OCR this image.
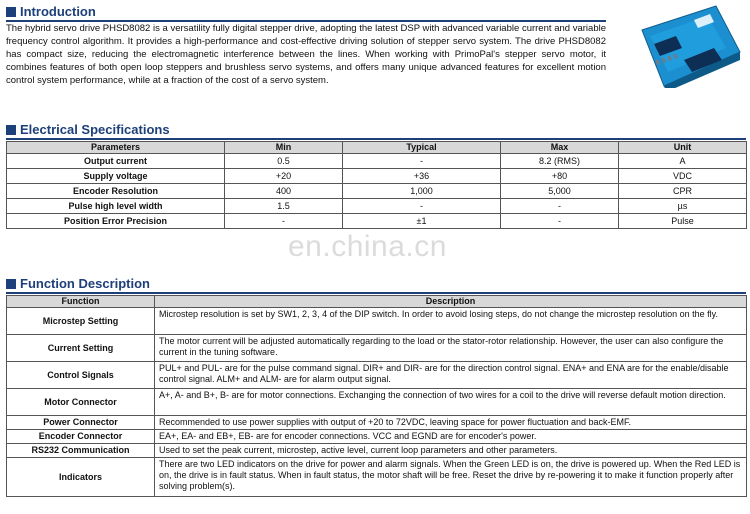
Introduction

The hybrid servo drive PHSD8082 is a versatility fully digital stepper drive, adopting the latest DSP with advanced variable current and variable frequency control algorithm. It provides a high-performance and cost-effective driving solution of stepper servo system. The drive PHSD8082 has compact size, reducing the electromagnetic interference between the lines. When working with PrimoPal's stepper servo motor, it combines features of both open loop steppers and brushless servo systems, and offers many unique advanced features for excellent motion control system performance, while at a fraction of the cost of a servo system.

Electrical Specifications
Parameters	Min	Typical	Max	Unit
Output current	0.5	-	8.2 (RMS)	A
Supply voltage	+20	+36	+80	VDC
Encoder Resolution	400	1,000	5,000	CPR
Pulse high level width	1.5	-	-	µs
Position Error Precision	-	±1	-	Pulse
en.china.cn
Function Description
Function	Description
Microstep Setting	Microstep resolution is set by SW1, 2, 3, 4 of the DIP switch. In order to avoid losing steps, do not change the microstep resolution on the fly.
Current Setting	The motor current will be adjusted automatically regarding to the load or the stator-rotor relationship. However, the user can also configure the current in the tuning software.
Control Signals	PUL+ and PUL- are for the pulse command signal. DIR+ and DIR- are for the direction control signal. ENA+ and ENA are for the enable/disable control signal. ALM+ and ALM- are for alarm output signal.
Motor Connector	A+, A- and B+, B- are for motor connections. Exchanging the connection of two wires for a coil to the drive will reverse default motion direction.
Power Connector	Recommended to use power supplies with output of +20 to 72VDC, leaving space for power fluctuation and back-EMF.
Encoder Connector	EA+, EA- and EB+, EB- are for encoder connections. VCC and EGND are for encoder's power.
RS232 Communication	Used to set the peak current, microstep, active level, current loop parameters and other parameters.
Indicators	There are two LED indicators on the drive for power and alarm signals. When the Green LED is on, the drive is powered up. When the Red LED is on, the drive is in fault status. When in fault status, the motor shaft will be free. Reset the drive by re-powering it to make it function properly after solving problem(s).
